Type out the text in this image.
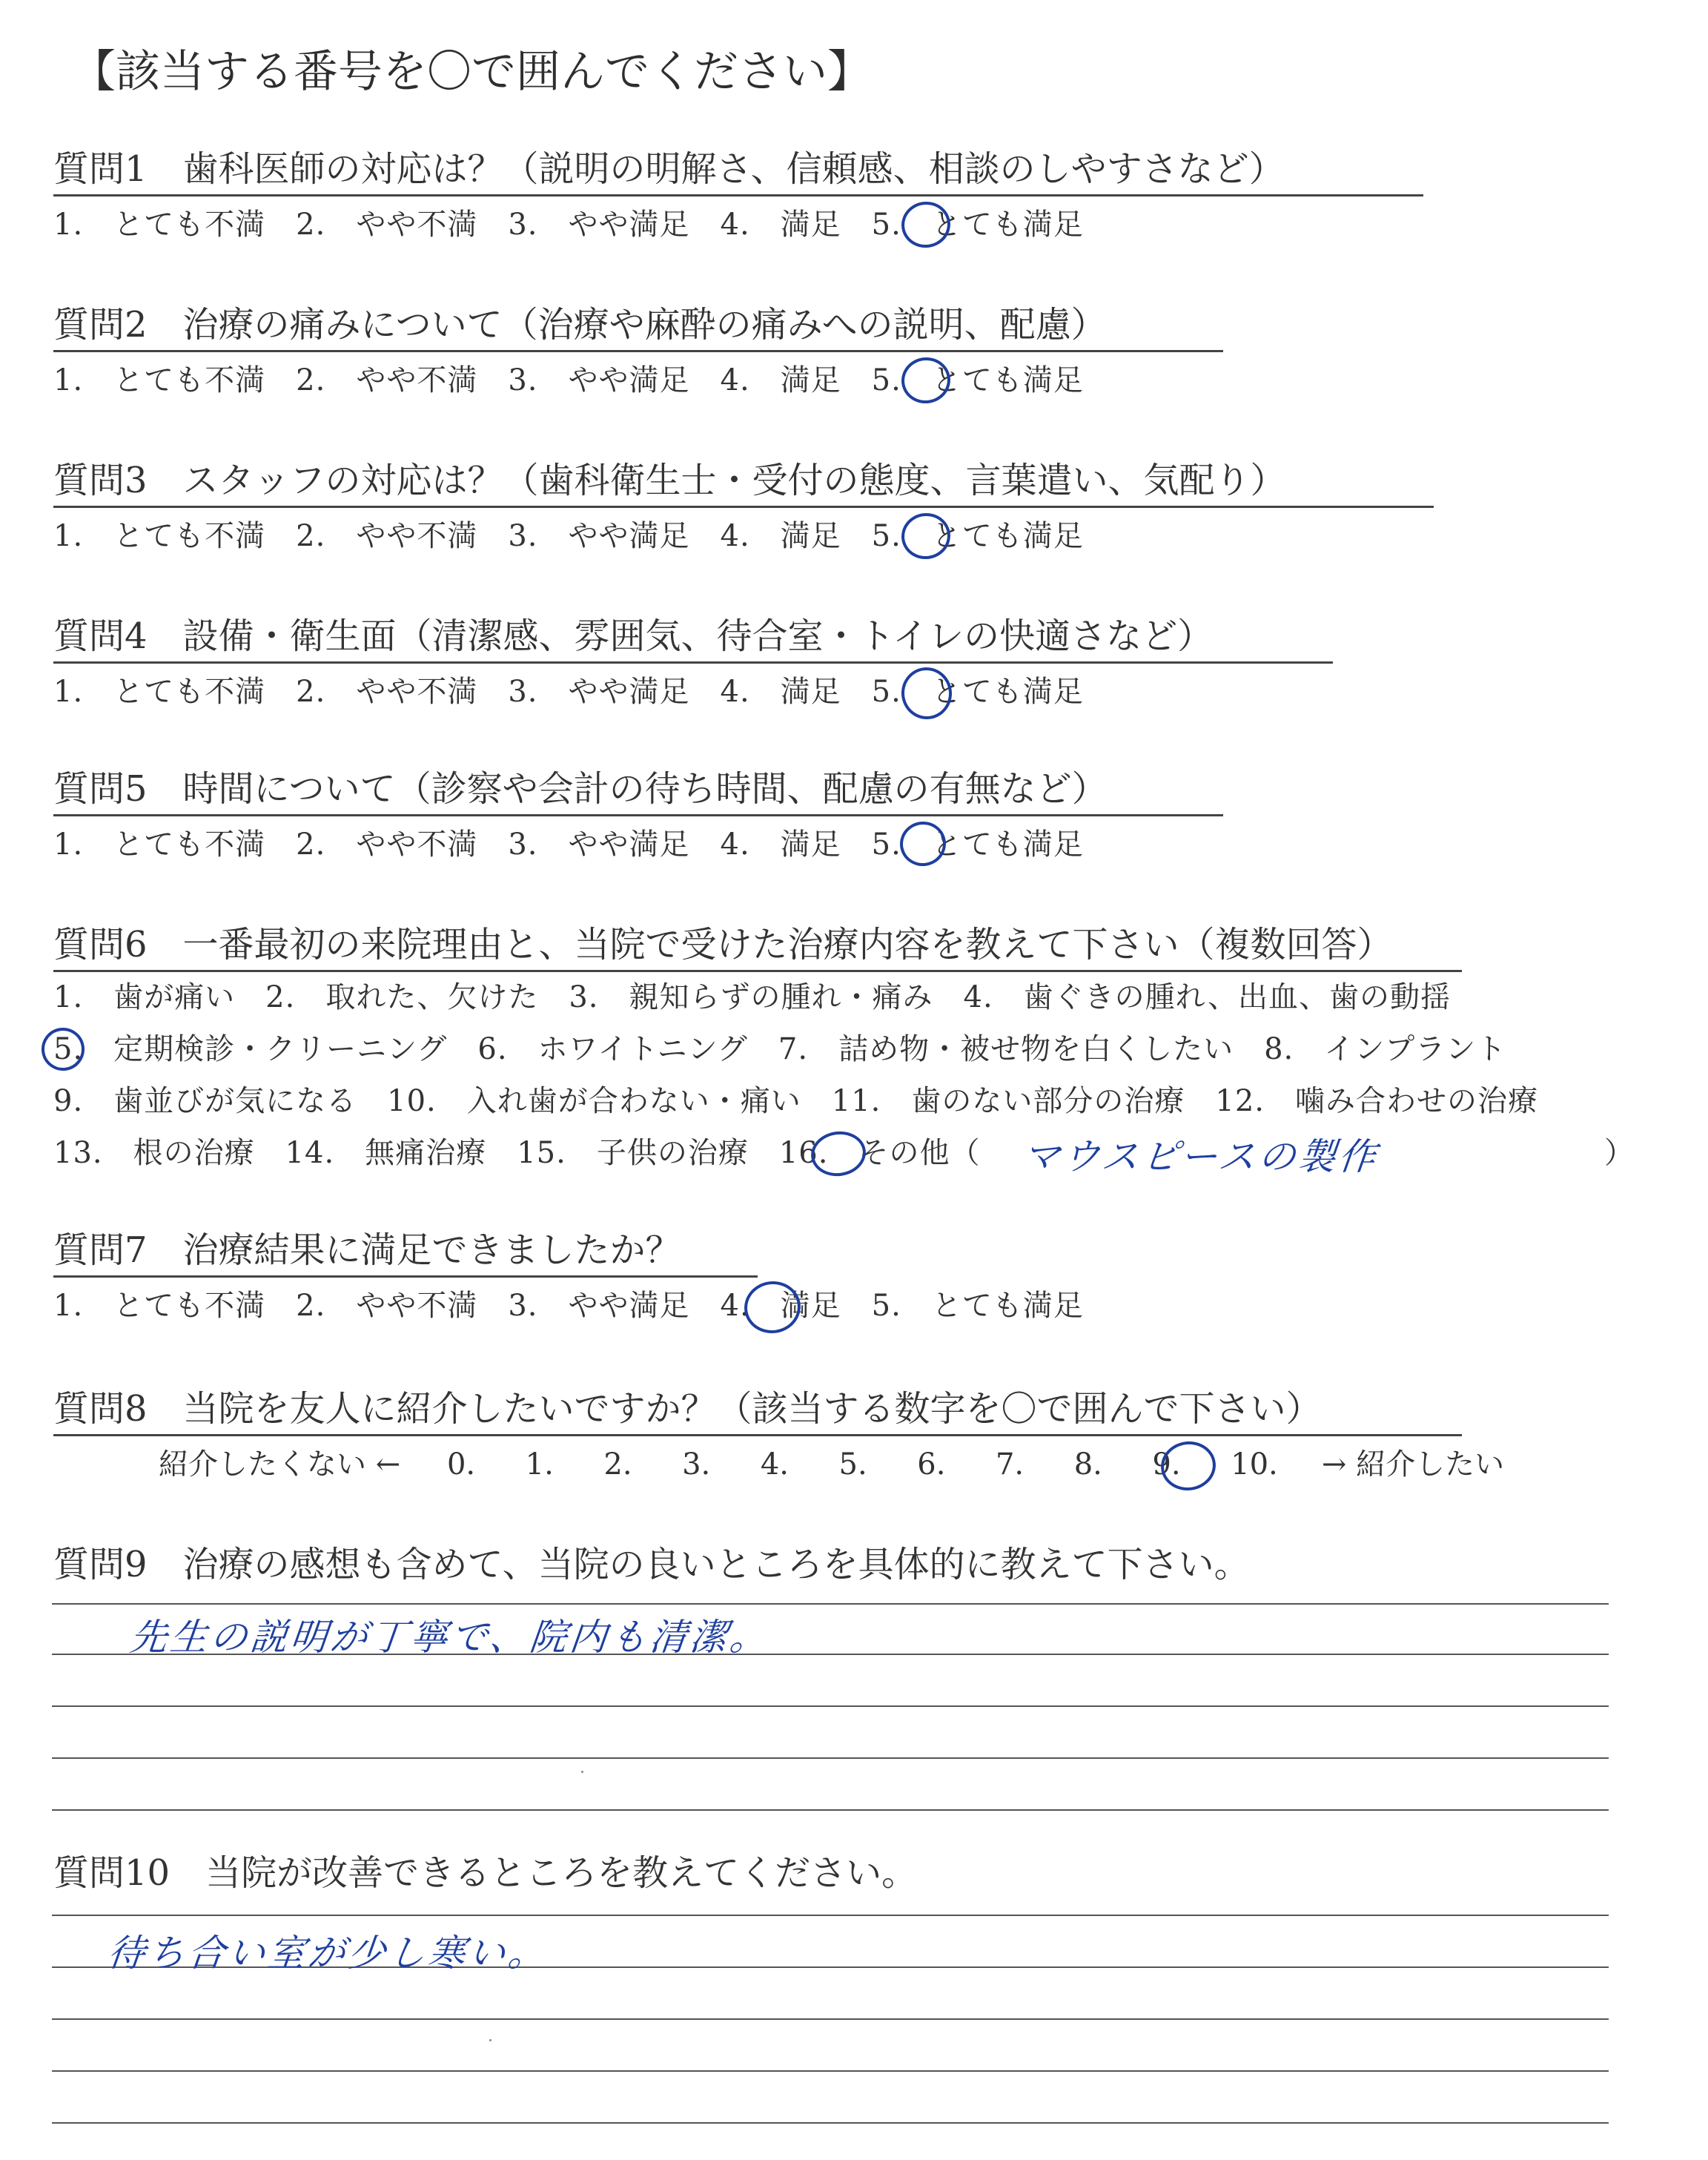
【該当する番号を〇で囲んでください】
質問1　歯科医師の対応は？（説明の明解さ、信頼感、相談のしやすさなど）
1.　とても不満　2.　やや不満　3.　やや満足　4.　満足　5.　とても満足
質問2　治療の痛みについて（治療や麻酔の痛みへの説明、配慮）
1.　とても不満　2.　やや不満　3.　やや満足　4.　満足　5.　とても満足
質問3　スタッフの対応は？（歯科衛生士・受付の態度、言葉遣い、気配り）
1.　とても不満　2.　やや不満　3.　やや満足　4.　満足　5.　とても満足
質問4　設備・衛生面（清潔感、雰囲気、待合室・トイレの快適さなど）
1.　とても不満　2.　やや不満　3.　やや満足　4.　満足　5.　とても満足
質問5　時間について（診察や会計の待ち時間、配慮の有無など）
1.　とても不満　2.　やや不満　3.　やや満足　4.　満足　5.　とても満足
質問6　一番最初の来院理由と、当院で受けた治療内容を教えて下さい（複数回答）
1.　歯が痛い　2.　取れた、欠けた　3.　親知らずの腫れ・痛み　4.　歯ぐきの腫れ、出血、歯の動揺
5.　定期検診・クリーニング　6.　ホワイトニング　7.　詰め物・被せ物を白くしたい　8.　インプラント
9.　歯並びが気になる　10.　入れ歯が合わない・痛い　11.　歯のない部分の治療　12.　噛み合わせの治療
13.　根の治療　14.　無痛治療　15.　子供の治療　16.　その他（ マウスピースの製作	）
質問7　治療結果に満足できましたか？
1.　とても不満　2.　やや不満　3.　やや満足　4.　満足　5.　とても満足
質問8　当院を友人に紹介したいですか？（該当する数字を〇で囲んで下さい）
紹介したくない ← 0. 1. 2. 3. 4. 5. 6. 7. 8. 9. 10. → 紹介したい
質問9　治療の感想も含めて、当院の良いところを具体的に教えて下さい。
先生の説明が丁寧で、院内も清潔。
質問10　当院が改善できるところを教えてください。
待ち合い室が少し寒い。
